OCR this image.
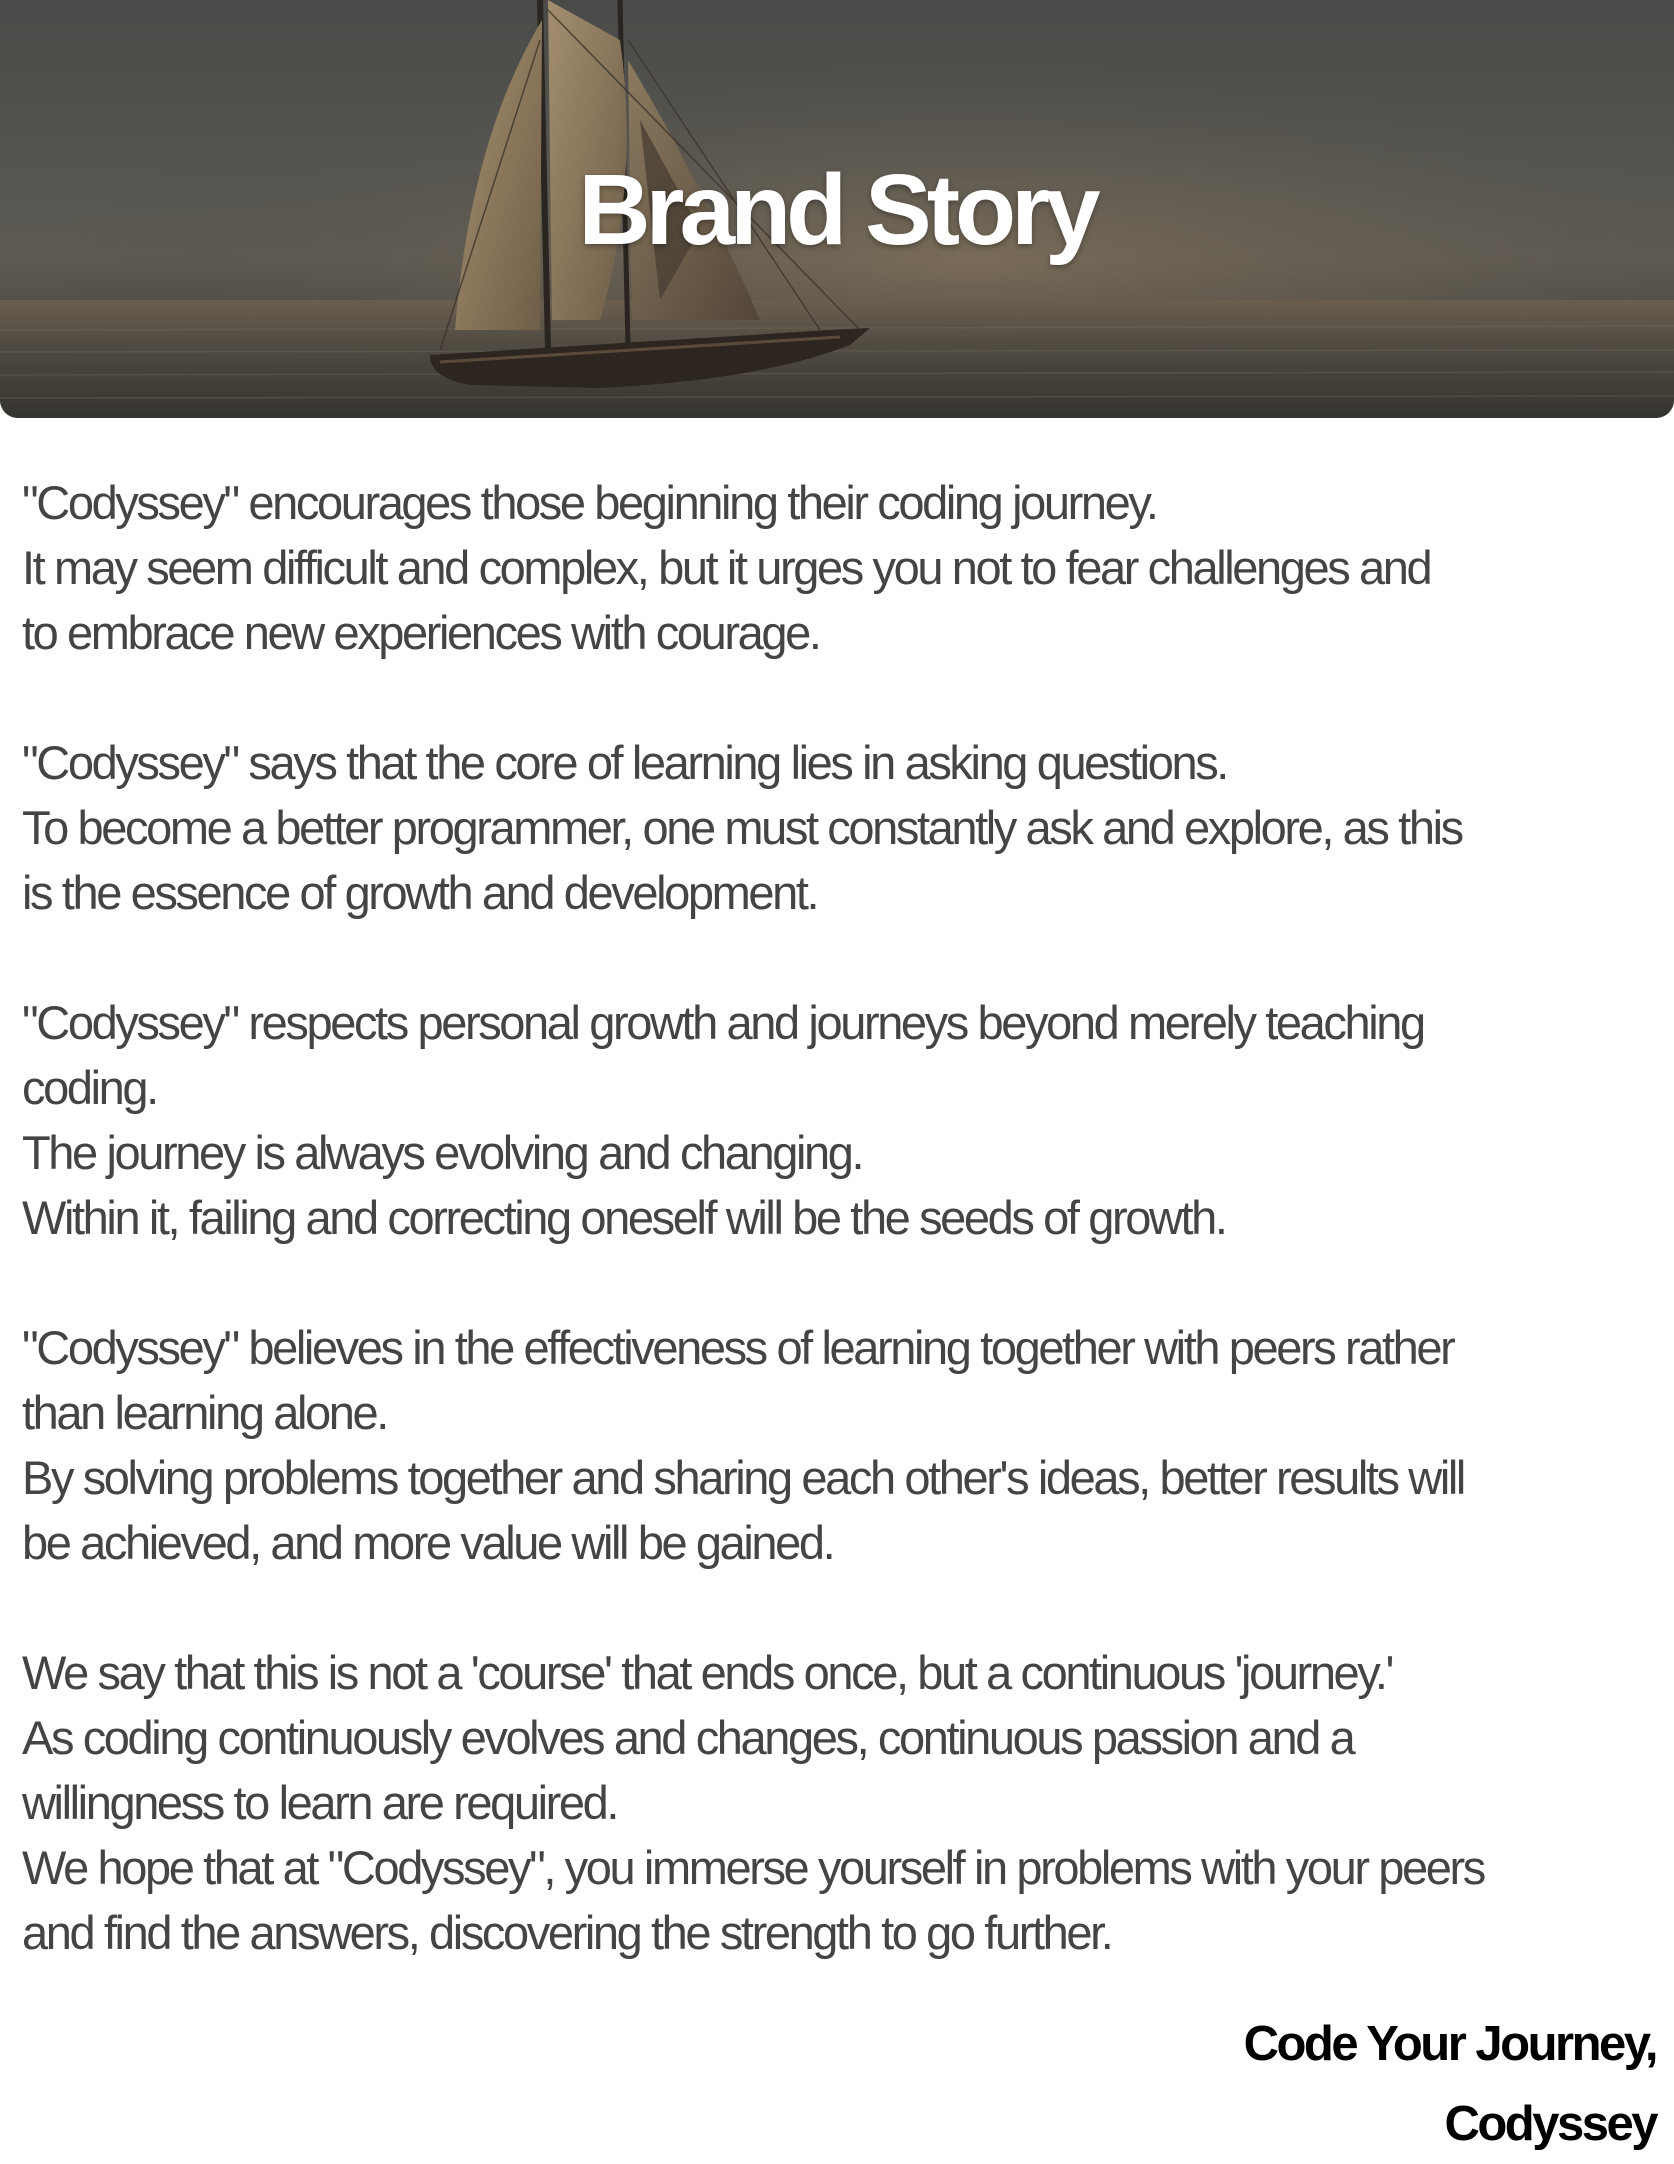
Brand Story
"Codyssey" encourages those beginning their coding journey.
It may seem difficult and complex, but it urges you not to fear challenges and
to embrace new experiences with courage.
"Codyssey" says that the core of learning lies in asking questions.
To become a better programmer, one must constantly ask and explore, as this
is the essence of growth and development.
"Codyssey" respects personal growth and journeys beyond merely teaching
coding.
The journey is always evolving and changing.
Within it, failing and correcting oneself will be the seeds of growth.
"Codyssey" believes in the effectiveness of learning together with peers rather
than learning alone.
By solving problems together and sharing each other's ideas, better results will
be achieved, and more value will be gained.
We say that this is not a 'course' that ends once, but a continuous 'journey.'
As coding continuously evolves and changes, continuous passion and a
willingness to learn are required.
We hope that at "Codyssey", you immerse yourself in problems with your peers
and find the answers, discovering the strength to go further.
Code Your Journey,
Codyssey
